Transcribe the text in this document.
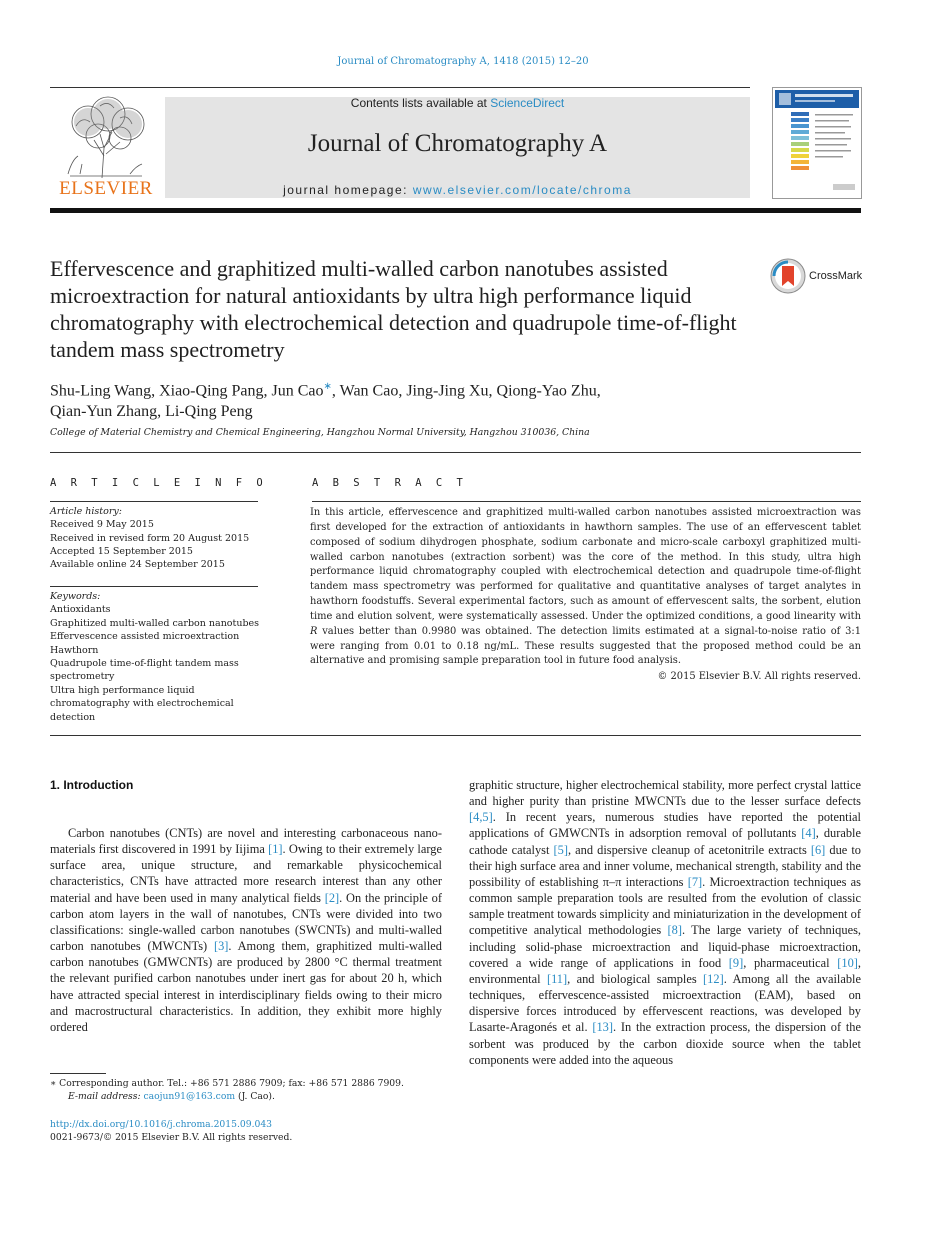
Journal of Chromatography A, 1418 (2015) 12–20
ELSEVIER
Contents lists available at ScienceDirect
Journal of Chromatography A
journal homepage: www.elsevier.com/locate/chroma
Effervescence and graphitized multi-walled carbon nanotubes assisted microextraction for natural antioxidants by ultra high performance liquid chromatography with electrochemical detection and quadrupole time-of-flight tandem mass spectrometry
CrossMark
Shu-Ling Wang, Xiao-Qing Pang, Jun Cao∗, Wan Cao, Jing-Jing Xu, Qiong-Yao Zhu,
Qian-Yun Zhang, Li-Qing Peng
College of Material Chemistry and Chemical Engineering, Hangzhou Normal University, Hangzhou 310036, China
A R T I C L E I N F O	A B S T R A C T
Article history:
Received 9 May 2015
Received in revised form 20 August 2015
Accepted 15 September 2015
Available online 24 September 2015
Keywords:
Antioxidants
Graphitized multi-walled carbon nanotubes
Effervescence assisted microextraction
Hawthorn
Quadrupole time-of-flight tandem mass
spectrometry
Ultra high performance liquid
chromatography with electrochemical
detection

In this article, effervescence and graphitized multi-walled carbon nanotubes assisted microextraction was first developed for the extraction of antioxidants in hawthorn samples. The use of an effervescent tablet composed of sodium dihydrogen phosphate, sodium carbonate and micro-scale carboxyl graphitized multi-walled carbon nanotubes (extraction sorbent) was the core of the method. In this study, ultra high performance liquid chromatography coupled with electrochemical detection and quadrupole time-of-flight tandem mass spectrometry was performed for qualitative and quantitative analyses of target analytes in hawthorn foodstuffs. Several experimental factors, such as amount of effervescent salts, the sorbent, elution time and elution solvent, were systematically assessed. Under the optimized conditions, a good linearity with R values better than 0.9980 was obtained. The detection limits estimated at a signal-to-noise ratio of 3:1 were ranging from 0.01 to 0.18 ng/mL. These results suggested that the proposed method could be an alternative and promising sample preparation tool in future food analysis.

© 2015 Elsevier B.V. All rights reserved.
1. Introduction

Carbon nanotubes (CNTs) are novel and interesting carbonaceous nano-materials first discovered in 1991 by Iijima [1]. Owing to their extremely large surface area, unique structure, and remarkable physicochemical characteristics, CNTs have attracted more research interest than any other material and have been used in many analytical fields [2]. On the principle of carbon atom layers in the wall of nanotubes, CNTs were divided into two classifications: single-walled carbon nanotubes (SWCNTs) and multi-walled carbon nanotubes (MWCNTs) [3]. Among them, graphitized multi-walled carbon nanotubes (GMWCNTs) are produced by 2800 °C thermal treatment the relevant purified carbon nanotubes under inert gas for about 20 h, which have attracted special interest in interdisciplinary fields owing to their micro and macrostructural characteristics. In addition, they exhibit more highly ordered

graphitic structure, higher electrochemical stability, more perfect crystal lattice and higher purity than pristine MWCNTs due to the lesser surface defects [4,5]. In recent years, numerous studies have reported the potential applications of GMWCNTs in adsorption removal of pollutants [4], durable cathode catalyst [5], and dispersive cleanup of acetonitrile extracts [6] due to their high surface area and inner volume, mechanical strength, stability and the possibility of establishing π–π interactions [7]. Microextraction techniques as common sample preparation tools are resulted from the evolution of classic sample treatment towards simplicity and miniaturization in the development of competitive analytical methodologies [8]. The large variety of techniques, including solid-phase microextraction and liquid-phase microextraction, covered a wide range of applications in food [9], pharmaceutical [10], environmental [11], and biological samples [12]. Among all the available techniques, effervescence-assisted microextraction (EAM), based on dispersive forces introduced by effervescent reactions, was developed by Lasarte-Aragonés et al. [13]. In the extraction process, the dispersion of the sorbent was produced by the carbon dioxide source when the tablet components were added into the aqueous

∗ Corresponding author. Tel.: +86 571 2886 7909; fax: +86 571 2886 7909.
E-mail address: caojun91@163.com (J. Cao).
http://dx.doi.org/10.1016/j.chroma.2015.09.043
0021-9673/© 2015 Elsevier B.V. All rights reserved.
